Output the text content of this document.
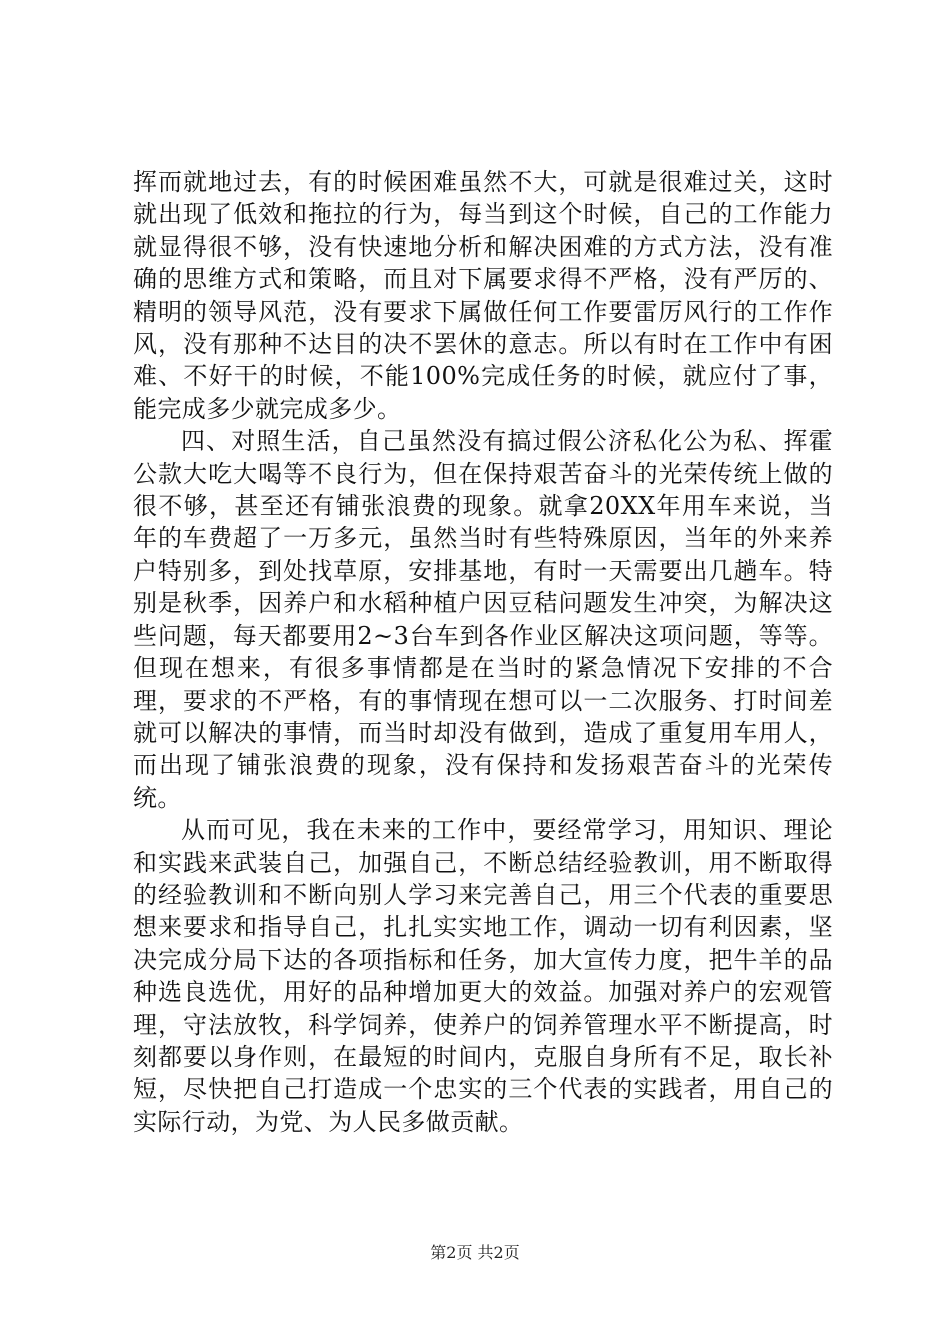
挥而就地过去，有的时候困难虽然不大，可就是很难过关，这时就出现了低效和拖拉的行为，每当到这个时候，自己的工作能力就显得很不够，没有快速地分析和解决困难的方式方法，没有准确的思维方式和策略，而且对下属要求得不严格，没有严厉的、精明的领导风范，没有要求下属做任何工作要雷厉风行的工作作风，没有那种不达目的决不罢休的意志。所以有时在工作中有困难、不好干的时候，不能100%完成任务的时候，就应付了事，能完成多少就完成多少。

四、对照生活，自己虽然没有搞过假公济私化公为私、挥霍公款大吃大喝等不良行为，但在保持艰苦奋斗的光荣传统上做的很不够，甚至还有铺张浪费的现象。就拿20XX年用车来说，当年的车费超了一万多元，虽然当时有些特殊原因，当年的外来养户特别多，到处找草原，安排基地，有时一天需要出几趟车。特别是秋季，因养户和水稻种植户因豆秸问题发生冲突，为解决这些问题，每天都要用2~3台车到各作业区解决这项问题，等等。但现在想来，有很多事情都是在当时的紧急情况下安排的不合理，要求的不严格，有的事情现在想可以一二次服务、打时间差就可以解决的事情，而当时却没有做到，造成了重复用车用人，而出现了铺张浪费的现象，没有保持和发扬艰苦奋斗的光荣传统。

从而可见，我在未来的工作中，要经常学习，用知识、理论和实践来武装自己，加强自己，不断总结经验教训，用不断取得的经验教训和不断向别人学习来完善自己，用三个代表的重要思想来要求和指导自己，扎扎实实地工作，调动一切有利因素，坚决完成分局下达的各项指标和任务，加大宣传力度，把牛羊的品种选良选优，用好的品种增加更大的效益。加强对养户的宏观管理，守法放牧，科学饲养，使养户的饲养管理水平不断提高，时刻都要以身作则，在最短的时间内，克服自身所有不足，取长补短，尽快把自己打造成一个忠实的三个代表的实践者，用自己的实际行动，为党、为人民多做贡献。

第2页 共2页
